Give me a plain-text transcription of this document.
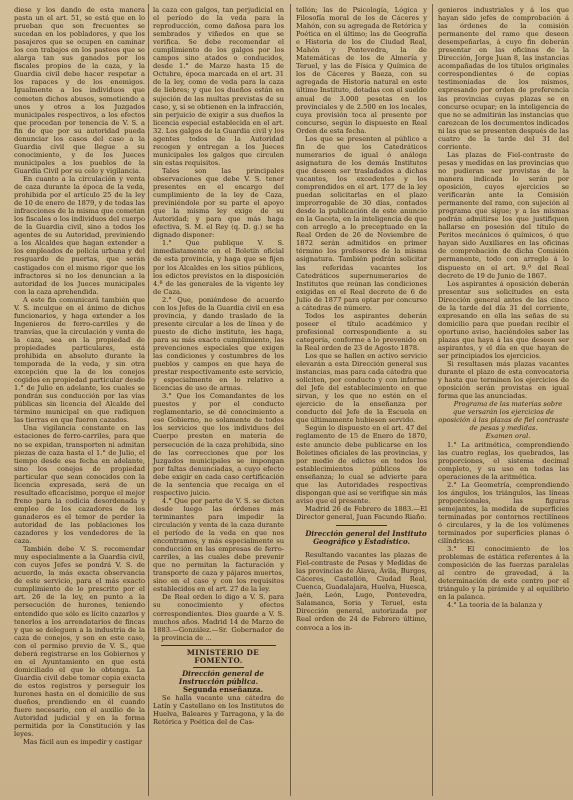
diese y los dando de esta manera pasta un el art. 51, se está que en lo prueban que son frecuentes se sucedan en los pobladores, y que los pasajeros que se ocupen en caminar los con trabajos en los pasteos que se alarga tan sus ganados por los fiscales propios de la caza, y la Guardia civil debe hacer respetar a los rapaces y de los enemigos. Igualmente a los individuos que cometen dichos abusos, sometiendo a unos y otros a los Juzgados municipales respectivos, a los efectos que procedan por tenencia de V. S. a fin de que por su autoridad pueda denunciar los casos del caso a la Guardia civil que llegue a su conocimiento, y de los Jueces municipales a los pueblos de la Guardia Civil por su celo y vigilancia.

En cuanto a la circulación y venta de caza durante la época de la veda, prohibida por el artículo 25 de la ley de 10 de enero de 1879, y de todas las infracciones de la misma que cometan los fiscales o los individuos del cuerpo de la Guardia civil, sino a todos los agentes de su Autoridad, previniendo a los Alcaldes que hagan extender a los empleados de policía urbana y del resguardo de puertas, que serán castigados con el mismo rigor que los infractores si no los denuncian a la autoridad de los Jueces municipales con la caza aprehendida.

A este fin comunicará también que V. S. inculque en el ánimo de dichos funcionarios, y haga extender a los Ingenieros de ferro-carriles y de tranvías, que la circulación y venta de la caza, sea en la propiedad de propiedades particulares, está prohibida en absoluto durante la temporada de la veda, y sin otra excepción que la de los conejos cogidos en propiedad particular desde 1.° de Julio en adelante, los cuales se pondrán sus conducción por las vías públicas sin licencia del Alcalde del término municipal en que radiquen las tierras en que fueron cazados.

Una vigilancia constante en las estaciones de ferro-carriles, para que no se expidan, transporten ni admitan piezas de caza hasta el 1.° de Julio, el tiempo desde esa fecha en adelante, sino los conejos de propiedad particular que sean conocidos con la licencia expresada, será de un resultado eficacísimo, porque el mejor freno para la codicia desordenada y empleo de los cazadores de los ganaderos es el temor de perder la autoridad de las poblaciones los cazadores y los vendedores de la caza.

También debe V. S. recomendar muy especialmente a la Guardia civil, con cuyos Jefes se pondrá V. S. de acuerdo, la más exacta observancia de este servicio, para el más exacto cumplimiento de lo prescrito por el art. 26 de la ley, en punto a la persecución de hurones, teniendo entendido que sólo es lícito cazarlos y tenerlos a los arrendatarios de fincas y que se deleguen a la industria de la caza de conejos, y son en este caso, con el permiso previo de V. S., que deberá registrarse en los Gobiernos y en el Ayuntamiento en que está domiciliado el que lo obtenga. La Guardia civil debe tomar copia exacta de estos registros y perseguir los hurones hasta en el domicilio de sus dueños, prendiendo en él cuando fuere necesario, con el auxilio de la Autoridad judicial y en la forma permitida por la Constitución y las leyes.

Mas fácil aun es impedir y castigar

la caza con galgos, tan perjudicial en el período de la veda para la reproducción, como dañosa para los sembrados y viñedos en que se verifica. Se debe recomendar el cumplimiento de los galgos por los campos sino atados o conducidos, desde 1.° de Marzo hasta 15 de Octubre, época marcada en el art. 31 de la ley, como de veda para la caza de liebres; y que los dueños están en sujeción de las multas previstas de su caso, y, si se obtienen en la infracción, sin perjuicio de exigir a sus dueños la licencia especial establecida en el art. 32. Los galgos de la Guardia civil y los agentes todos de la Autoridad recogen y entregan a los Jueces municipales los galgos que circulen sin estas requisitos.

Tales son las principales observaciones que debe V. S. tener presentes en el encargo del cumplimiento de la ley de Caza, previniéndole por su parte el apoyo que la misma ley exige de su Autoridad; y para que más haga efectiva, S. M. el Rey (q. D. g.) se ha dignado disponer:

1.° Que publique V. S. inmediatamente en el Boletín oficial de esta provincia, y haga que se fijen por los Alcaldes en los sitios públicos, los edictos previstos en la disposición 4.ª de las generales de la vigente ley de Caza.

2.° Que, poniéndose de acuerdo con los Jefes de la Guardia civil en esa provincia, y dando traslado de la presente circular a los de línea y de puesto de dicho instituto, les haga, para su más exacto cumplimiento, las prevenciones especiales que exigen las condiciones y costumbres de los pueblos y campos en que haya de prestar respectivamente este servicio, y especialmente en lo relativo a licencias de uso de armas.

3.° Que los Comandantes de los puestos y por el conducto reglamentario, se dé conocimiento a ese Gobierno, no solamente de todos los servicios que los individuos del Cuerpo presten en materia de persecución de la caza prohibida, sino de las correcciones que por los Juzgados municipales se impongan por faltas denunciadas, a cuyo efecto debe exigir en cada caso certificación de la sentencia que recaiga en el respectivo juicio.

4.° Que por parte de V. S. se dicten desde luego las órdenes más terminantes para impedir la circulación y venta de la caza durante el período de la veda en que nos encontramos, y más especialmente su conducción en las empresas de ferro-carriles, a las cuales debe prevenir que no permitan la facturación y transporte de caza y pájaros muertos, sino en el caso y con los requisitos establecidos en el art. 27 de la ley.

De Real orden lo digo a V. S. para su conocimiento y efectos correspondientes. Dios guarde a V. S. muchos años. Madrid 14 de Marzo de 1883.—González.—Sr. Gobernador de la provincia de ...

MINISTERIO DE FOMENTO.

Dirección general de Instrucción pública.

Segunda enseñanza.

Se halla vacante una cátedra de Latín y Castellano en los Institutos de Huelva, Baleares y Tarragona, y la de Retórica y Poética del de Cas-

tellón; las de Psicología, Lógica y Filosofía moral de los de Cáceres y Mahón, con su agregada de Retórica y Poética en el último; las de Geografía e Historia de los de Ciudad Real, Mahón y Pontevedra, la de Matemáticas de los de Almería y Teruel, y las de Física y Química de los de Cáceres y Baeza, con su agregada de Historia natural en este último Instituto, dotadas con el sueldo anual de 3.000 pesetas en los provinciales y de 2.500 en los locales, cuya provisión toca al presente por concurso, según lo dispuesto en Real Orden de esta fecha.

Los que se presenten al público a fin de que los Catedráticos numerarios de igual ó análoga asignatura de los demás Institutos que deseen ser trasladados a dichas vacantes, los excedentes y los comprendidos en el art. 177 de la ley puedan solicitarlas en el plazo improrrogable de 30 días, contados desde la publicación de este anuncio en la Gaceta, en la inteligencia de que con arreglo a lo preceptuado en la Real Orden de 26 de Noviembre de 1872 serán admitidos en primer término los profesores de la misma asignatura. También podrán solicitar las referidas vacantes los Catedráticos supernumerarios de Institutos que reúnan las condiciones exigidas en el Real decreto de 6 de Julio de 1877 para optar por concurso a cátedras de número.

Todos los aspirantes deberán poseer el título académico y profesional correspondiente a su categoría, conforme a lo prevenido en la Real orden de 23 de Agosto 1878.

Los que se hallen en activo servicio elevarán a esta Dirección general sus instancias, mas para cada cátedra que soliciten, por conducto y con informe del Jefe del establecimiento en que sirvan, y los que no estén en el ejercicio de la enseñanza por conducto del Jefe de la Escuela en que últimamente hubiesen servido.

Según lo dispuesto en el art. 47 del reglamento de 15 de Enero de 1870, este anuncio debe publicarse en los Boletines oficiales de las provincias, y por medio de edictos en todos los establecimientos públicos de enseñanza; lo cual se advierte para que las Autoridades respectivas dispongan que así se verifique sin más aviso que el presente.

Madrid 26 de Febrero de 1883.—El Director general, Juan Facundo Riaño.

Dirección general del Instituto Geográfico y Estadístico.

Resultando vacantes las plazas de Fiel-contraste de Pesas y Medidas de las provincias de Álava, Ávila, Burgos, Cáceres, Castellón, Ciudad Real, Cuenca, Guadalajara, Huelva, Huesca, Jaén, León, Lugo, Pontevedra, Salamanca, Soria y Teruel, esta Dirección general, autorizada por Real orden de 24 de Febrero último, convoca a los in-

genieros industriales y á los que hayan sido jefes de comprobación á las órdenes de la comisión permanente del ramo que deseen desempeñarlas, á cuyo fin deberán presentar en las oficinas de la Dirección, Jorge Juan 8, las instancias acompañadas de los títulos originales correspondientes ó de copias testimoniadas de los mismos, expresando por orden de preferencia las provincias cuyas plazas se en concurso ocupar; en la inteligencia de que no se admitirán las instancias que carezcan de los documentos indicados ni las que se presenten después de las cuatro de la tarde del 31 del corriente.

Las plazas de Fiel-contraste de pesas y medidas en las provincias que no pudieran ser provistas de la manera indicada lo serán por oposición, cuyos ejercicios se verificarán ante la Comisión permanente del ramo, con sujeción al programa que sigue; y a las mismas podrán admitirse los que justifiquen hallarse en posesión del título de Peritos mecánicos ó químicos, ó que hayan sido Auxiliares en las oficinas de comprobación de dicha Comisión permanente, todo con arreglo á lo dispuesto en el art. 9.º del Real decreto de 19 de Junio de 1867.

Los aspirantes á oposición deberán presentar sus solicitudes en esta Dirección general antes de las cinco de la tarde del día 31 del corriente, expresando en ella las señas de su domicilio para que puedan recibir el oportuno aviso, haciéndoles saber las plazas que haya á las que deseen ser aspirantes, y el día en que hayan de ser principiados los ejercicios.

Si resultasen más plazas vacantes durante el plazo de esta convocatoria y hasta que terminen los ejercicios de oposición serán provistas en igual forma que las anunciadas.

Programa de las materias sobre que versarán los ejercicios de oposición á las plazas de fiel contraste de pesas y medidas.

Examen oral.

1.° La aritmética, comprendiendo las cuatro reglas, los quebrados, las proporciones, el sistema decimal completo, y su uso en todas las operaciones de la aritmética.

2.° La Geometría, comprendiendo los ángulos, los triángulos, las líneas proporcionales, las figuras semejantes, la medida de superficies terminadas por contornos rectilíneos ó circulares, y la de los volúmenes terminados por superficies planas ó cilíndricas.

3.° El conocimiento de los problemas de estática referentes á la composición de las fuerzas paralelas al centro de gravedad, á la determinación de este centro por el triángulo y la pirámide y al equilibrio en la palanca.

4.° La teoría de la balanza y
